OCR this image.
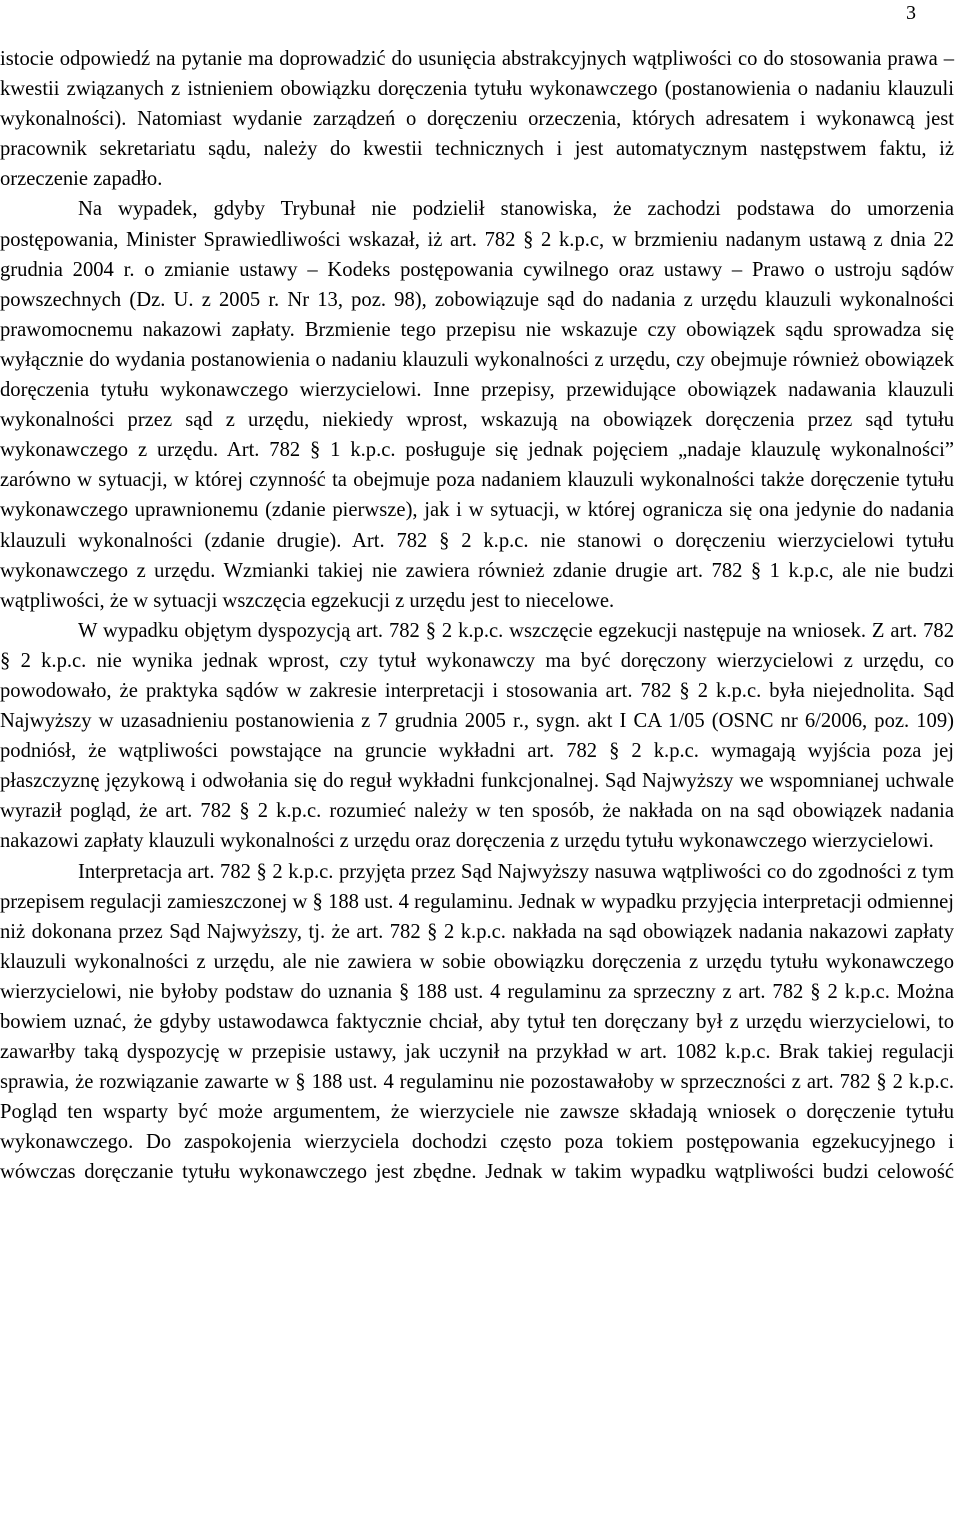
3

istocie odpowiedź na pytanie ma doprowadzić do usunięcia abstrakcyjnych wątpliwości co do stosowania prawa – kwestii związanych z istnieniem obowiązku doręczenia tytułu wykonawczego (postanowienia o nadaniu klauzuli wykonalności). Natomiast wydanie zarządzeń o doręczeniu orzeczenia, których adresatem i wykonawcą jest pracownik sekretariatu sądu, należy do kwestii technicznych i jest automatycznym następstwem faktu, iż orzeczenie zapadło.

Na wypadek, gdyby Trybunał nie podzielił stanowiska, że zachodzi podstawa do umorzenia postępowania, Minister Sprawiedliwości wskazał, iż art. 782 § 2 k.p.c, w brzmieniu nadanym ustawą z dnia 22 grudnia 2004 r. o zmianie ustawy – Kodeks postępowania cywilnego oraz ustawy – Prawo o ustroju sądów powszechnych (Dz. U. z 2005 r. Nr 13, poz. 98), zobowiązuje sąd do nadania z urzędu klauzuli wykonalności prawomocnemu nakazowi zapłaty. Brzmienie tego przepisu nie wskazuje czy obowiązek sądu sprowadza się wyłącznie do wydania postanowienia o nadaniu klauzuli wykonalności z urzędu, czy obejmuje również obowiązek doręczenia tytułu wykonawczego wierzycielowi. Inne przepisy, przewidujące obowiązek nadawania klauzuli wykonalności przez sąd z urzędu, niekiedy wprost, wskazują na obowiązek doręczenia przez sąd tytułu wykonawczego z urzędu. Art. 782 § 1 k.p.c. posługuje się jednak pojęciem „nadaje klauzulę wykonalności” zarówno w sytuacji, w której czynność ta obejmuje poza nadaniem klauzuli wykonalności także doręczenie tytułu wykonawczego uprawnionemu (zdanie pierwsze), jak i w sytuacji, w której ogranicza się ona jedynie do nadania klauzuli wykonalności (zdanie drugie). Art. 782 § 2 k.p.c. nie stanowi o doręczeniu wierzycielowi tytułu wykonawczego z urzędu. Wzmianki takiej nie zawiera również zdanie drugie art. 782 § 1 k.p.c, ale nie budzi wątpliwości, że w sytuacji wszczęcia egzekucji z urzędu jest to niecelowe.

W wypadku objętym dyspozycją art. 782 § 2 k.p.c. wszczęcie egzekucji następuje na wniosek. Z art. 782 § 2 k.p.c. nie wynika jednak wprost, czy tytuł wykonawczy ma być doręczony wierzycielowi z urzędu, co powodowało, że praktyka sądów w zakresie interpretacji i stosowania art. 782 § 2 k.p.c. była niejednolita. Sąd Najwyższy w uzasadnieniu postanowienia z 7 grudnia 2005 r., sygn. akt I CA 1/05 (OSNC nr 6/2006, poz. 109) podniósł, że wątpliwości powstające na gruncie wykładni art. 782 § 2 k.p.c. wymagają wyjścia poza jej płaszczyznę językową i odwołania się do reguł wykładni funkcjonalnej. Sąd Najwyższy we wspomnianej uchwale wyraził pogląd, że art. 782 § 2 k.p.c. rozumieć należy w ten sposób, że nakłada on na sąd obowiązek nadania nakazowi zapłaty klauzuli wykonalności z urzędu oraz doręczenia z urzędu tytułu wykonawczego wierzycielowi.

Interpretacja art. 782 § 2 k.p.c. przyjęta przez Sąd Najwyższy nasuwa wątpliwości co do zgodności z tym przepisem regulacji zamieszczonej w § 188 ust. 4 regulaminu. Jednak w wypadku przyjęcia interpretacji odmiennej niż dokonana przez Sąd Najwyższy, tj. że art. 782 § 2 k.p.c. nakłada na sąd obowiązek nadania nakazowi zapłaty klauzuli wykonalności z urzędu, ale nie zawiera w sobie obowiązku doręczenia z urzędu tytułu wykonawczego wierzycielowi, nie byłoby podstaw do uznania § 188 ust. 4 regulaminu za sprzeczny z art. 782 § 2 k.p.c. Można bowiem uznać, że gdyby ustawodawca faktycznie chciał, aby tytuł ten doręczany był z urzędu wierzycielowi, to zawarłby taką dyspozycję w przepisie ustawy, jak uczynił na przykład w art. 1082 k.p.c. Brak takiej regulacji sprawia, że rozwiązanie zawarte w § 188 ust. 4 regulaminu nie pozostawałoby w sprzeczności z art. 782 § 2 k.p.c. Pogląd ten wsparty być może argumentem, że wierzyciele nie zawsze składają wniosek o doręczenie tytułu wykonawczego. Do zaspokojenia wierzyciela dochodzi często poza tokiem postępowania egzekucyjnego i wówczas doręczanie tytułu wykonawczego jest zbędne. Jednak w takim wypadku wątpliwości budzi celowość
